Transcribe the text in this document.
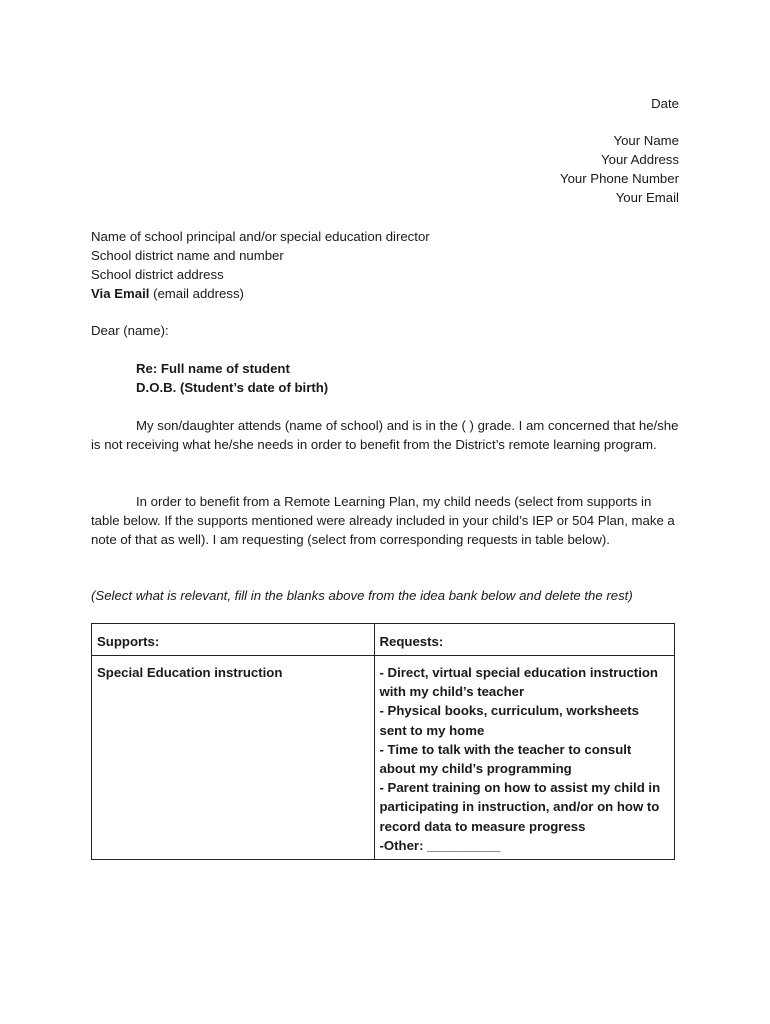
Date
Your Name
Your Address
Your Phone Number
Your Email
Name of school principal and/or special education director
School district name and number
School district address
Via Email (email address)
Dear (name):
Re: Full name of student
D.O.B. (Student’s date of birth)
My son/daughter attends (name of school) and is in the ( ) grade. I am concerned that he/she is not receiving what he/she needs in order to benefit from the District’s remote learning program.
In order to benefit from a Remote Learning Plan, my child needs (select from supports in table below. If the supports mentioned were already included in your child’s IEP or 504 Plan, make a note of that as well). I am requesting (select from corresponding requests in table below).
(Select what is relevant, fill in the blanks above from the idea bank below and delete the rest)
Supports:	Requests:
Special Education instruction	- Direct, virtual special education instruction with my child’s teacher
- Physical books, curriculum, worksheets sent to my home
- Time to talk with the teacher to consult about my child’s programming
- Parent training on how to assist my child in participating in instruction, and/or on how to record data to measure progress
-Other: __________
